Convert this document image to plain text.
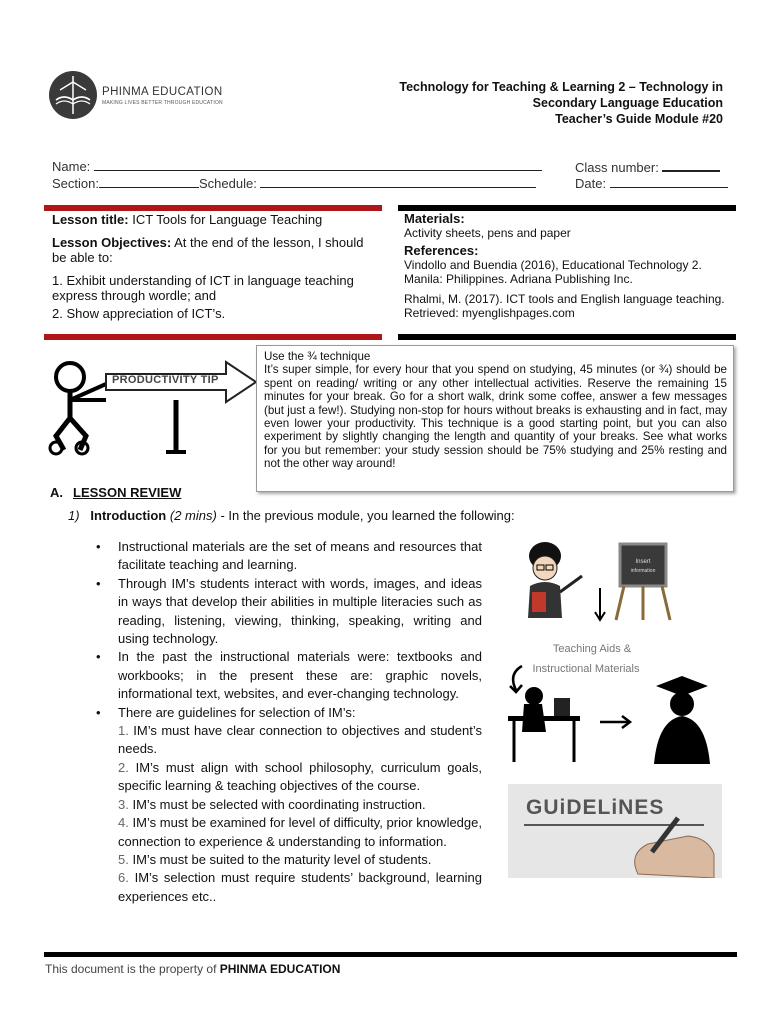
PHINMA EDUCATION
MAKING LIVES BETTER THROUGH EDUCATION
Technology for Teaching & Learning 2 – Technology in
Secondary Language Education
Teacher’s Guide Module #20
Name:
Section:	Schedule:
Class number:
Date:
Lesson title: ICT Tools for Language Teaching
Lesson Objectives: At the end of the lesson, I should be able to:
1. Exhibit understanding of ICT in language teaching express through wordle; and
2. Show appreciation of ICT’s.
Materials:
Activity sheets, pens and paper
References:
Vindollo and Buendia (2016), Educational Technology 2. Manila: Philippines. Adriana Publishing Inc.
Rhalmi, M. (2017). ICT tools and English language teaching. Retrieved: myenglishpages.com
PRODUCTIVITY TIP
Use the ¾ technique
It’s super simple, for every hour that you spend on studying, 45 minutes (or ¾) should be spent on reading/ writing or any other intellectual activities. Reserve the remaining 15 minutes for your break. Go for a short walk, drink some coffee, answer a few messages (but just a few!). Studying non-stop for hours without breaks is exhausting and in fact, may even lower your productivity. This technique is a good starting point, but you can also experiment by slightly changing the length and quantity of your breaks. See what works for you but remember: your study session should be 75% studying and 25% resting and not the other way around!
A. LESSON REVIEW
1) Introduction (2 mins) - In the previous module, you learned the following:
• Instructional materials are the set of means and resources that facilitate teaching and learning.
• Through IM’s students interact with words, images, and ideas in ways that develop their abilities in multiple literacies such as reading, listening, viewing, thinking, speaking, writing and using technology.
• In the past the instructional materials were: textbooks and workbooks; in the present these are: graphic novels, informational text, websites, and ever-changing technology.
• There are guidelines for selection of IM’s:
1. IM’s must have clear connection to objectives and student’s needs.
2. IM’s must align with school philosophy, curriculum goals, specific learning & teaching objectives of the course.
3. IM’s must be selected with coordinating instruction.
4. IM’s must be examined for level of difficulty, prior knowledge, connection to experience & understanding to information.
5. IM’s must be suited to the maturity level of students.
6. IM’s selection must require students’ background, learning experiences etc..
Insert
information
Teaching Aids &
Instructional Materials
GUiDELiNES
This document is the property of PHINMA EDUCATION
